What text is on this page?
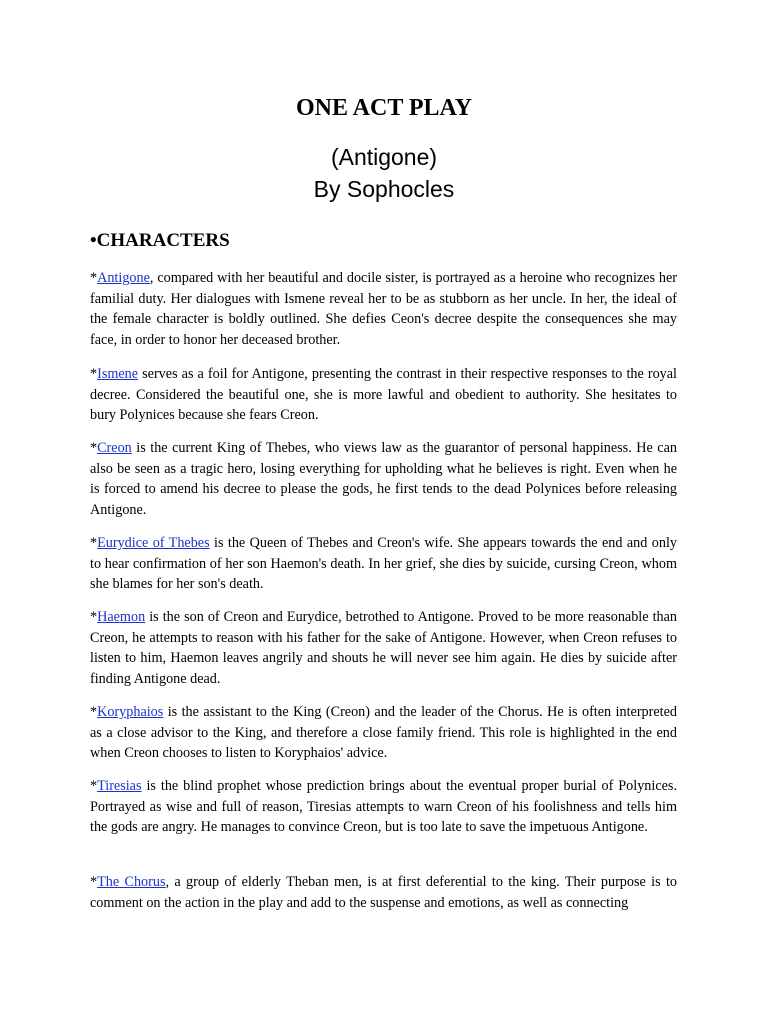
ONE ACT PLAY
(Antigone)
By Sophocles
•CHARACTERS

*Antigone, compared with her beautiful and docile sister, is portrayed as a heroine who recognizes her familial duty. Her dialogues with Ismene reveal her to be as stubborn as her uncle. In her, the ideal of the female character is boldly outlined. She defies Ceon's decree despite the consequences she may face, in order to honor her deceased brother.

*Ismene serves as a foil for Antigone, presenting the contrast in their respective responses to the royal decree. Considered the beautiful one, she is more lawful and obedient to authority. She hesitates to bury Polynices because she fears Creon.

*Creon is the current King of Thebes, who views law as the guarantor of personal happiness. He can also be seen as a tragic hero, losing everything for upholding what he believes is right. Even when he is forced to amend his decree to please the gods, he first tends to the dead Polynices before releasing Antigone.

*Eurydice of Thebes is the Queen of Thebes and Creon's wife. She appears towards the end and only to hear confirmation of her son Haemon's death. In her grief, she dies by suicide, cursing Creon, whom she blames for her son's death.

*Haemon is the son of Creon and Eurydice, betrothed to Antigone. Proved to be more reasonable than Creon, he attempts to reason with his father for the sake of Antigone. However, when Creon refuses to listen to him, Haemon leaves angrily and shouts he will never see him again. He dies by suicide after finding Antigone dead.

*Koryphaios is the assistant to the King (Creon) and the leader of the Chorus. He is often interpreted as a close advisor to the King, and therefore a close family friend. This role is highlighted in the end when Creon chooses to listen to Koryphaios' advice.

*Tiresias is the blind prophet whose prediction brings about the eventual proper burial of Polynices. Portrayed as wise and full of reason, Tiresias attempts to warn Creon of his foolishness and tells him the gods are angry. He manages to convince Creon, but is too late to save the impetuous Antigone.

*The Chorus, a group of elderly Theban men, is at first deferential to the king. Their purpose is to comment on the action in the play and add to the suspense and emotions, as well as connecting
